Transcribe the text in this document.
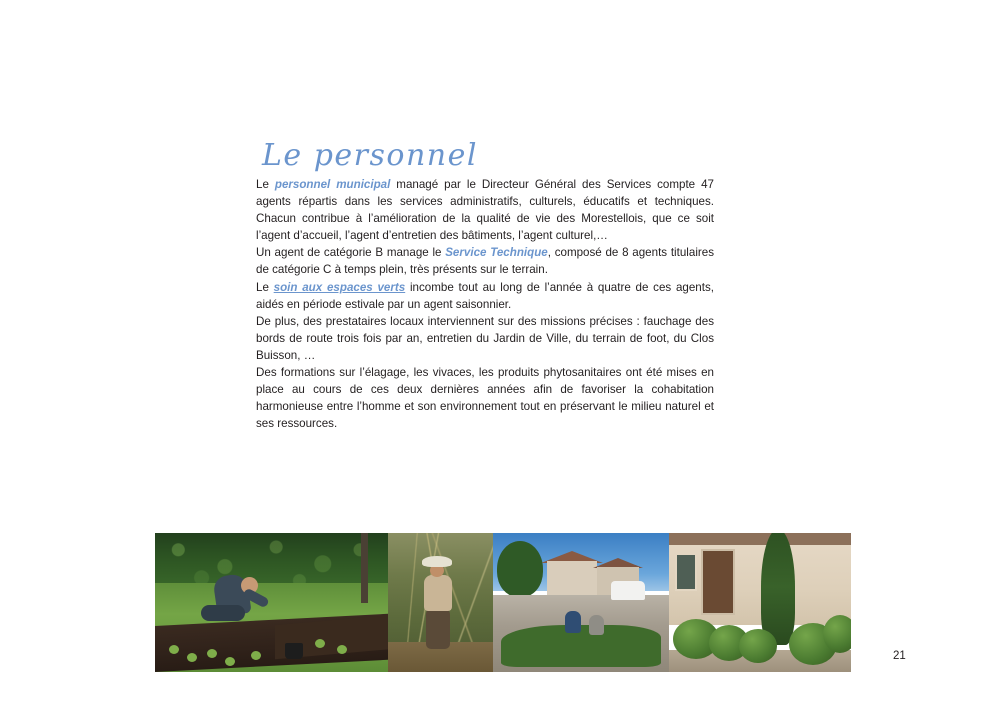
Le personnel

Le personnel municipal managé par le Directeur Général des Services compte 47 agents répartis dans les services administratifs, culturels, éducatifs et techniques. Chacun contribue à l’amélioration de la qualité de vie des Morestellois, que ce soit l’agent d’accueil, l’agent d’entretien des bâtiments, l’agent culturel,…

Un agent de catégorie B manage le Service Technique, composé de 8 agents titulaires de catégorie C à temps plein, très présents sur le terrain.

Le soin aux espaces verts incombe tout au long de l’année à quatre de ces agents, aidés en période estivale par un agent saisonnier.

De plus, des prestataires locaux interviennent sur des missions précises : fauchage des bords de route trois fois par an, entretien du Jardin de Ville, du terrain de foot, du Clos Buisson, …

Des formations sur l’élagage, les vivaces, les produits phytosanitaires ont été mises en place au cours de ces deux dernières années afin de favoriser la cohabitation harmonieuse entre l’homme et son environnement tout en préservant le milieu naturel et ses ressources.

21
